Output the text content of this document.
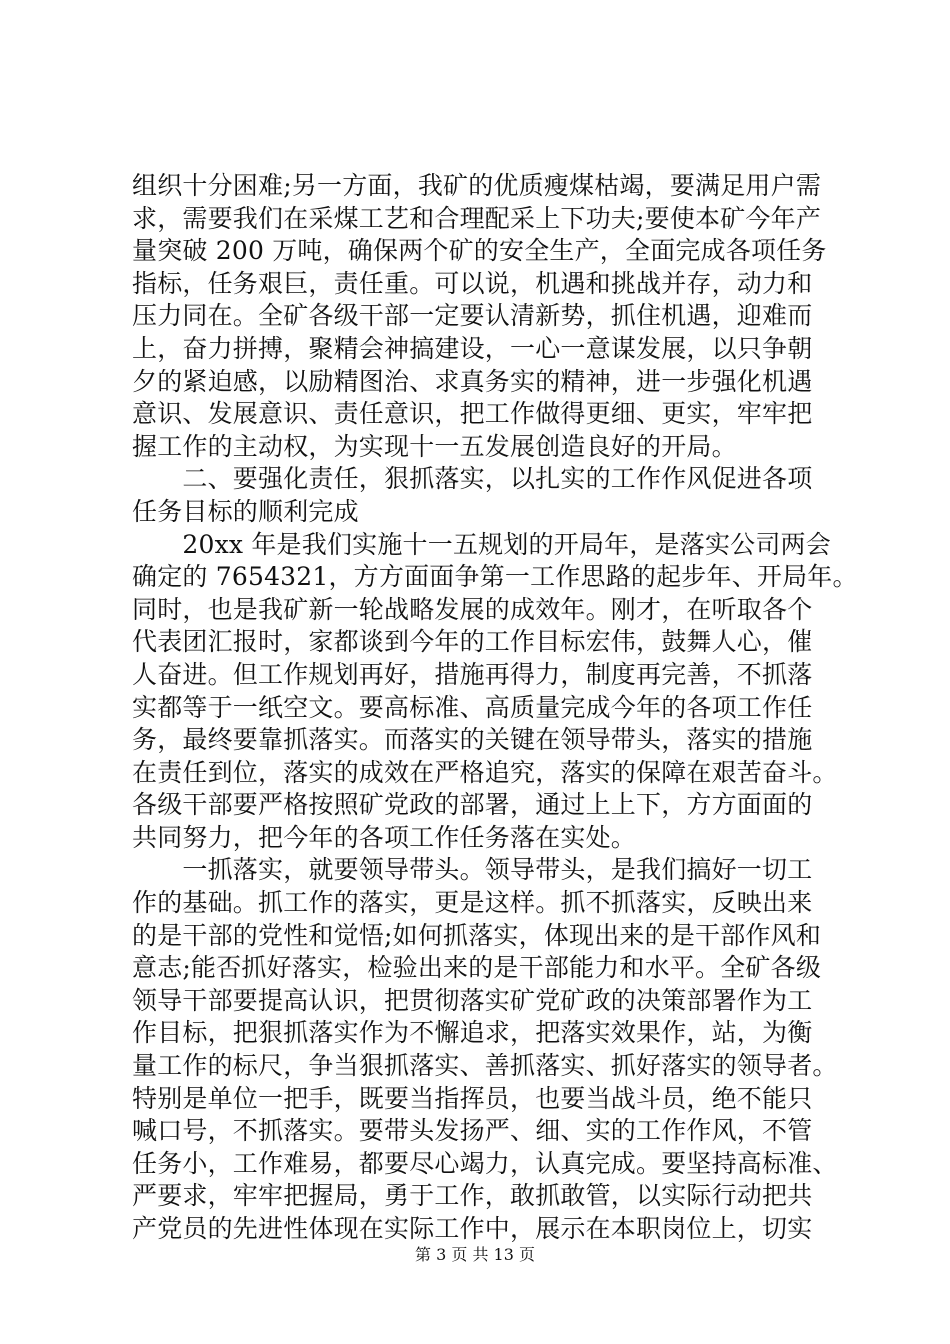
组织十分困难;另一方面，我矿的优质瘦煤枯竭，要满足用户需
求，需要我们在采煤工艺和合理配采上下功夫;要使本矿今年产
量突破 200 万吨，确保两个矿的安全生产，全面完成各项任务
指标，任务艰巨，责任重。可以说，机遇和挑战并存，动力和
压力同在。全矿各级干部一定要认清新势，抓住机遇，迎难而
上，奋力拼搏，聚精会神搞建设，一心一意谋发展，以只争朝
夕的紧迫感，以励精图治、求真务实的精神，进一步强化机遇
意识、发展意识、责任意识，把工作做得更细、更实，牢牢把
握工作的主动权，为实现十一五发展创造良好的开局。
　　二、要强化责任，狠抓落实，以扎实的工作作风促进各项
任务目标的顺利完成
　　20xx 年是我们实施十一五规划的开局年，是落实公司两会
确定的 7654321，方方面面争第一工作思路的起步年、开局年。
同时，也是我矿新一轮战略发展的成效年。刚才，在听取各个
代表团汇报时，家都谈到今年的工作目标宏伟，鼓舞人心，催
人奋进。但工作规划再好，措施再得力，制度再完善，不抓落
实都等于一纸空文。要高标准、高质量完成今年的各项工作任
务，最终要靠抓落实。而落实的关键在领导带头，落实的措施
在责任到位，落实的成效在严格追究，落实的保障在艰苦奋斗。
各级干部要严格按照矿党政的部署，通过上上下，方方面面的
共同努力，把今年的各项工作任务落在实处。
　　一抓落实，就要领导带头。领导带头，是我们搞好一切工
作的基础。抓工作的落实，更是这样。抓不抓落实，反映出来
的是干部的党性和觉悟;如何抓落实，体现出来的是干部作风和
意志;能否抓好落实，检验出来的是干部能力和水平。全矿各级
领导干部要提高认识，把贯彻落实矿党矿政的决策部署作为工
作目标，把狠抓落实作为不懈追求，把落实效果作，站，为衡
量工作的标尺，争当狠抓落实、善抓落实、抓好落实的领导者。
特别是单位一把手，既要当指挥员，也要当战斗员，绝不能只
喊口号，不抓落实。要带头发扬严、细、实的工作作风，不管
任务小，工作难易，都要尽心竭力，认真完成。要坚持高标准、
严要求，牢牢把握局，勇于工作，敢抓敢管，以实际行动把共
产党员的先进性体现在实际工作中，展示在本职岗位上，切实
第 3 页 共 13 页
